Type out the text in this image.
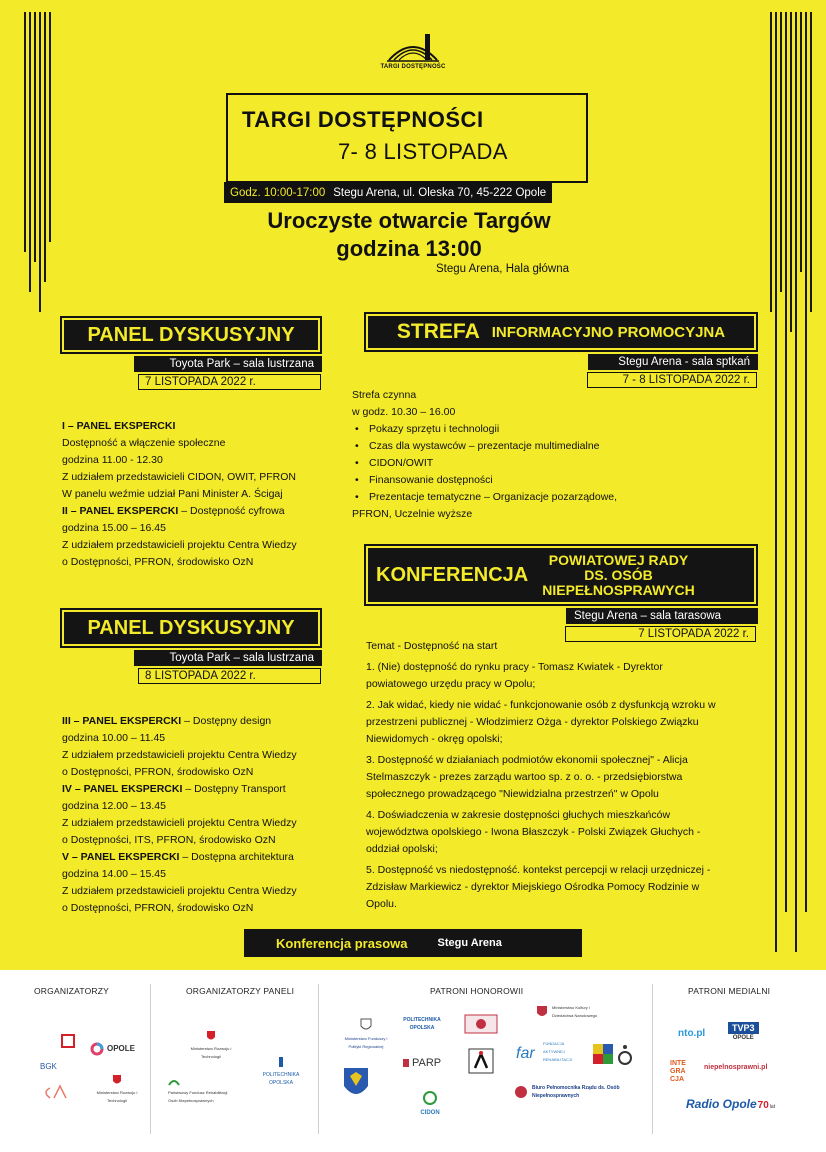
TARGI DOSTĘPNOŚC
TARGI DOSTĘPNOŚCI
7- 8 LISTOPADA
Godz. 10:00-17:00 Stegu Arena, ul. Oleska 70, 45-222 Opole
Uroczyste otwarcie Targów
godzina 13:00
Stegu Arena, Hala główna
PANEL DYSKUSYJNY
Toyota Park – sala lustrzana
7 LISTOPADA 2022 r.
I – PANEL EKSPERCKI
Dostępność a włączenie społeczne
godzina 11.00 - 12.30
Z udziałem przedstawicieli CIDON, OWIT, PFRON
W panelu weźmie udział Pani Minister A. Ścigaj
II – PANEL EKSPERCKI – Dostępność cyfrowa
godzina 15.00 – 16.45
Z udziałem przedstawicieli projektu Centra Wiedzy
o Dostępności, PFRON, środowisko OzN
PANEL DYSKUSYJNY
Toyota Park – sala lustrzana
8 LISTOPADA 2022 r.
III – PANEL EKSPERCKI – Dostępny design
godzina 10.00 – 11.45
Z udziałem przedstawicieli projektu Centra Wiedzy
o Dostępności, PFRON, środowisko OzN
IV – PANEL EKSPERCKI – Dostępny Transport
godzina 12.00 – 13.45
Z udziałem przedstawicieli projektu Centra Wiedzy
o Dostępności, ITS, PFRON, środowisko OzN
V – PANEL EKSPERCKI – Dostępna architektura
godzina 14.00 – 15.45
Z udziałem przedstawicieli projektu Centra Wiedzy
o Dostępności, PFRON, środowisko OzN
STREFA INFORMACYJNO PROMOCYJNA
Stegu Arena - sala sptkań
7 - 8 LISTOPADA 2022 r.
Strefa czynna
w godz. 10.30 – 16.00
• Pokazy sprzętu i technologii
• Czas dla wystawców – prezentacje multimedialne
• CIDON/OWIT
• Finansowanie dostępności
• Prezentacje tematyczne – Organizacje pozarządowe,
PFRON, Uczelnie wyższe
KONFERENCJA
POWIATOWEJ RADY
DS. OSÓB
NIEPEŁNOSPRAWYCH
Stegu Arena – sala tarasowa
7 LISTOPADA 2022 r.

Temat - Dostępność na start

1. (Nie) dostępność do rynku pracy - Tomasz Kwiatek - Dyrektor
powiatowego urzędu pracy w Opolu;

2. Jak widać, kiedy nie widać - funkcjonowanie osób z dysfunkcją wzroku w
przestrzeni publicznej - Włodzimierz Ożga - dyrektor Polskiego Związku
Niewidomych - okręg opolski;

3. Dostępność w działaniach podmiotów ekonomii społecznej" - Alicja
Stelmaszczyk - prezes zarządu wartoo sp. z o. o. - przedsiębiorstwa
społecznego prowadzącego "Niewidzialna przestrzeń" w Opolu

4. Doświadczenia w zakresie dostępności głuchych mieszkańców
województwa opolskiego - Iwona Błaszczyk - Polski Związek Głuchych -
oddział opolski;

5. Dostępność vs niedostępność. kontekst percepcji w relacji urzędniczej -
Zdzisław Markiewicz - dyrektor Miejskiego Ośrodka Pomocy Rodzinie w
Opolu.

Konferencja prasowa	Stegu Arena
ORGANIZATORZY	ORGANIZATORZY PANELI	PATRONI HONOROWII	PATRONI MEDIALNI
BGK
OPOLE
Ministerstwo Rozwoju i Technologii
Ministerstwo Rozwoju i Technologii
Państwowy Fundusz Rehabilitacji Osób Niepełnosprawnych
POLITECHNIKA OPOLSKA
Ministerstwo Funduszy i Polityki Regionalnej
POLITECHNIKA OPOLSKA
Ministerstwo Kultury i Dziedzictwa Narodowego
PARP
far
FUNDACJA AKTYWNEJ REHABILITACJI
CIDON
Biuro Pełnomocnika Rządu ds. Osób Niepełnosprawnych
nto.pl	TVP3
OPOLE
INTE GRA CJA
niepelnosprawni.pl
Radio Opole 70 lat
